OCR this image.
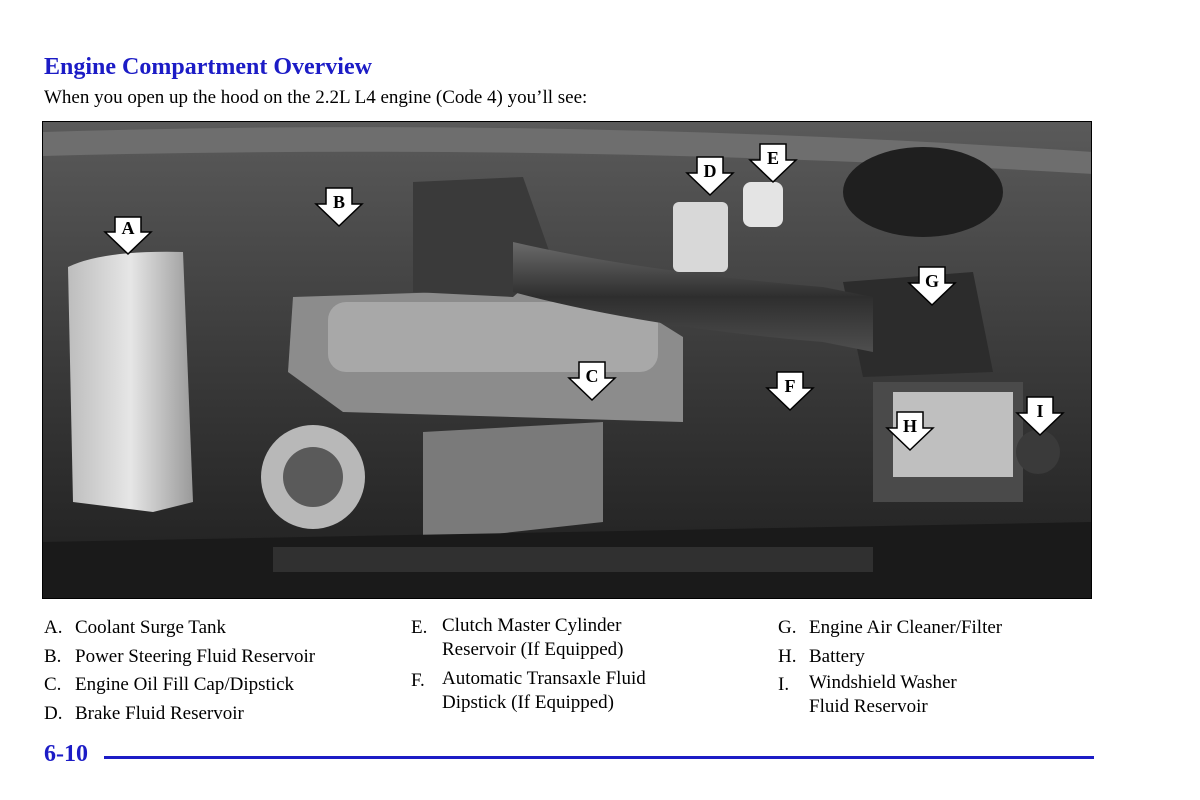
Engine Compartment Overview

When you open up the hood on the 2.2L L4 engine (Code 4) you’ll see:

A
B
C
D
E
F
G
H
I
A. Coolant Surge Tank
B. Power Steering Fluid Reservoir
C. Engine Oil Fill Cap/Dipstick
D. Brake Fluid Reservoir
E. Clutch Master Cylinder
Reservoir (If Equipped)
F. Automatic Transaxle Fluid
Dipstick (If Equipped)
G. Engine Air Cleaner/Filter
H. Battery
I.	Windshield Washer
Fluid Reservoir

6-10
